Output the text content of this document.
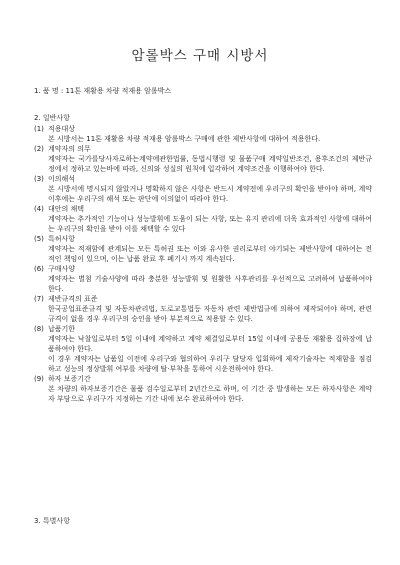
암롤박스 구매 시방서
1. 품 명 : 11톤 재활용 차량 적재용 암롤박스
2. 일반사항
(1) 적용대상
본 시방서는 11톤 재활용 차량 적재용 암롤박스 구매에 관한 제반사항에 대하여 적용한다.
(2) 계약자의 의무
계약자는 국가를당사자로하는계약에관한법률, 동법시행령 및 물품구매 계약일반조건, 용후조건의 제반규정에서 정하고 있는바에 따라, 신의와 성실의 원칙에 입각하여 계약조건을 이행하여야 한다.
(3) 이의해석
본 시방서에 명시되지 않았거나 명확하지 않은 사항은 반드시 계약전에 우리구의 확인을 받아야 하며, 계약 이후에는 우리구의 해석 또는 판단에 이의없이 따라야 한다.
(4) 대안의 채택
계약자는 추가적인 기능이나 성능발휘에 도움이 되는 사항, 또는 유지 관리에 더욱 효과적인 사항에 대하여는 우리구의 확인을 받아 이를 채택할 수 있다
(5) 특허사항
계약자는 적재함에 관계되는 모든 특허권 또는 이와 유사한 권리로부터 야기되는 제반사항에 대하여는 전적인 책임이 있으며, 이는 납품 완료 후 폐기시 까지 계속된다.
(6) 구매사양
계약자는 별첨 기술사양에 따라 충분한 성능발휘 및 원활한 사후관리를 우선적으로 고려하여 납품하여야 한다.
(7) 제반규격의 표준
한국공업표준규격 및 자동차관리법, 도로교통법등 자동차 관련 제반법규에 의하여 제작되어야 하며, 관련규격이 없을 경우 우리구의 승인을 받아 부분적으로 적용할 수 있다.
(8) 납품기한
계약자는 낙찰일로부터 5일 이내에 계약하고 계약 체결일로부터 15일 이내에 공용동 재활용 집하장에 납품하여야 한다.
이 경우 계약자는 납품일 이전에 우리구와 협의하여 우리구 담당자 입회하에 제작기술자는 적재함을 점검하고 성능의 정상발휘 여부를 차량에 탈·부착을 통하여 시운전하여야 한다.
(9) 하자 보증기간
본 차량의 하자보증기간은 물품 검수일로부터 2년간으로 하며, 이 기간 중 발생하는 모든 하자사항은 계약자 부담으로 우리구가 지정하는 기간 내에 보수 완료하여야 한다.
3. 특별사항
